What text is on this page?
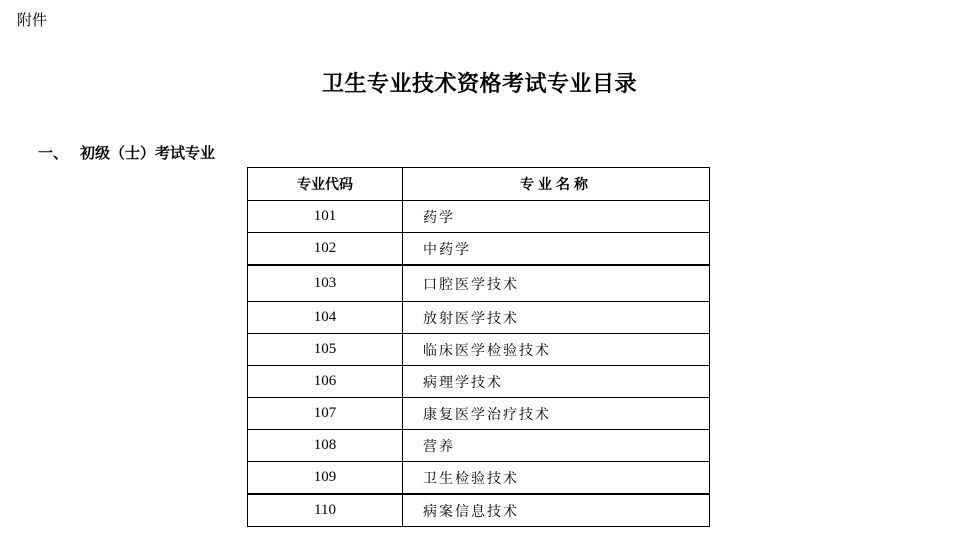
附件
卫生专业技术资格考试专业目录
一、 初级（士）考试专业
专业代码	专业名称
101	药学
102	中药学
103	口腔医学技术
104	放射医学技术
105	临床医学检验技术
106	病理学技术
107	康复医学治疗技术
108	营养
109	卫生检验技术
110	病案信息技术
